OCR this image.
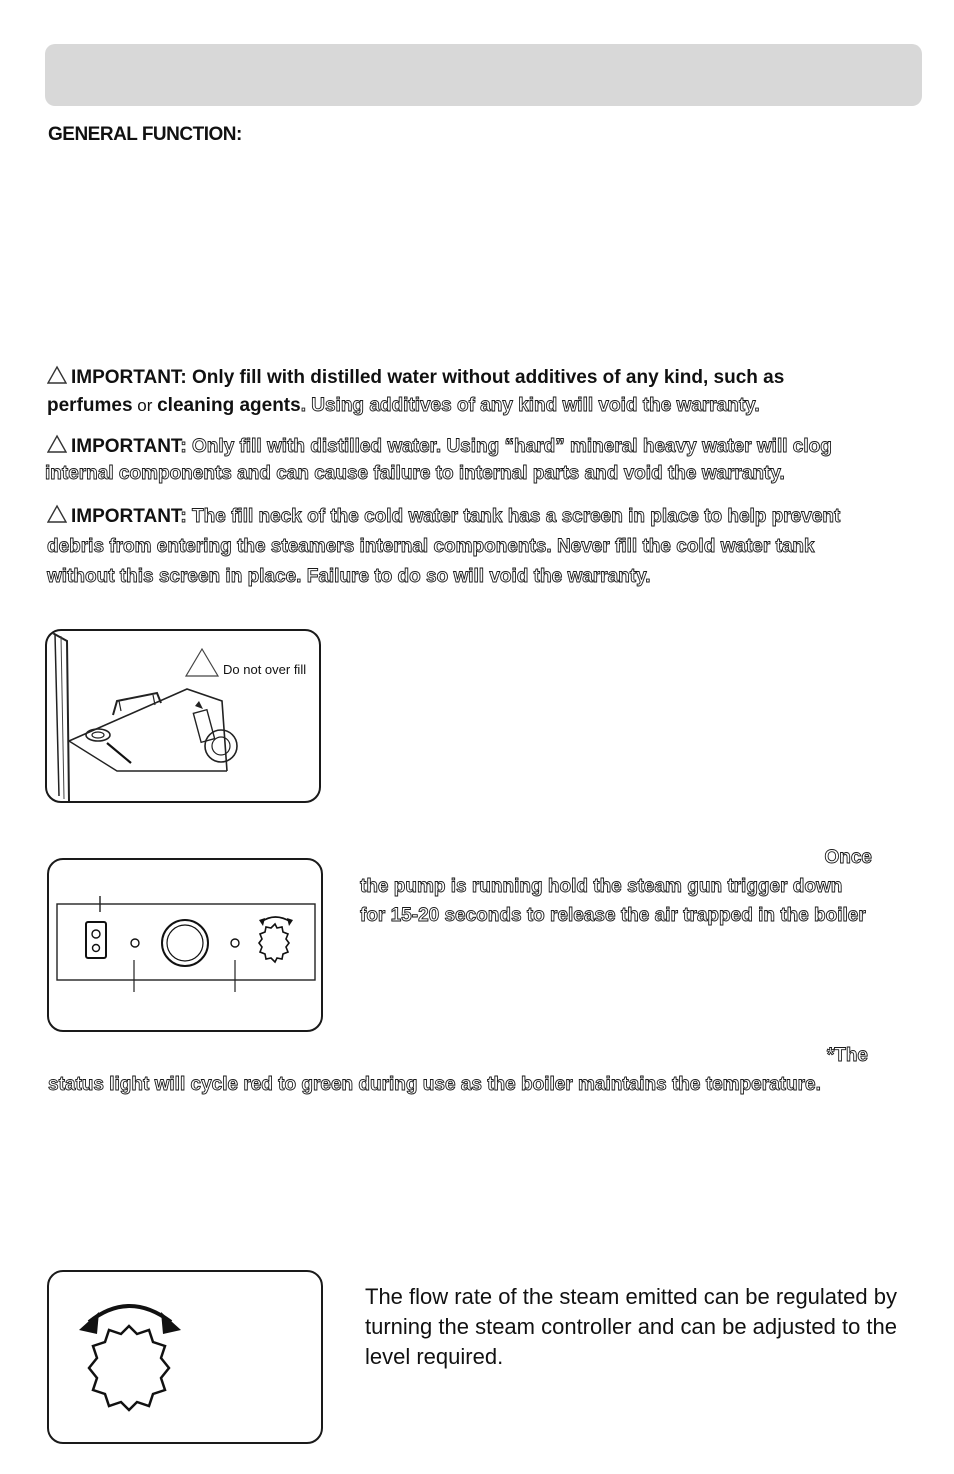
GENERAL FUNCTION:
IMPORTANT: Only fill with distilled water without additives of any kind, such as
perfumes or cleaning agents. Using additives of any kind will void the warranty.
IMPORTANT: Only fill with distilled water. Using “hard” mineral heavy water will clog
internal components and can cause failure to internal parts and void the warranty.
IMPORTANT: The fill neck of the cold water tank has a screen in place to help prevent
debris from entering the steamers internal components. Never fill the cold water tank
without this screen in place. Failure to do so will void the warranty.
Do not over fill
Once
the pump is running hold the steam gun trigger down
for 15-20 seconds to release the air trapped in the boiler
*The
status light will cycle red to green during use as the boiler maintains the temperature.
The flow rate of the steam emitted can be regulated by
turning the steam controller and can be adjusted to the
level required.
